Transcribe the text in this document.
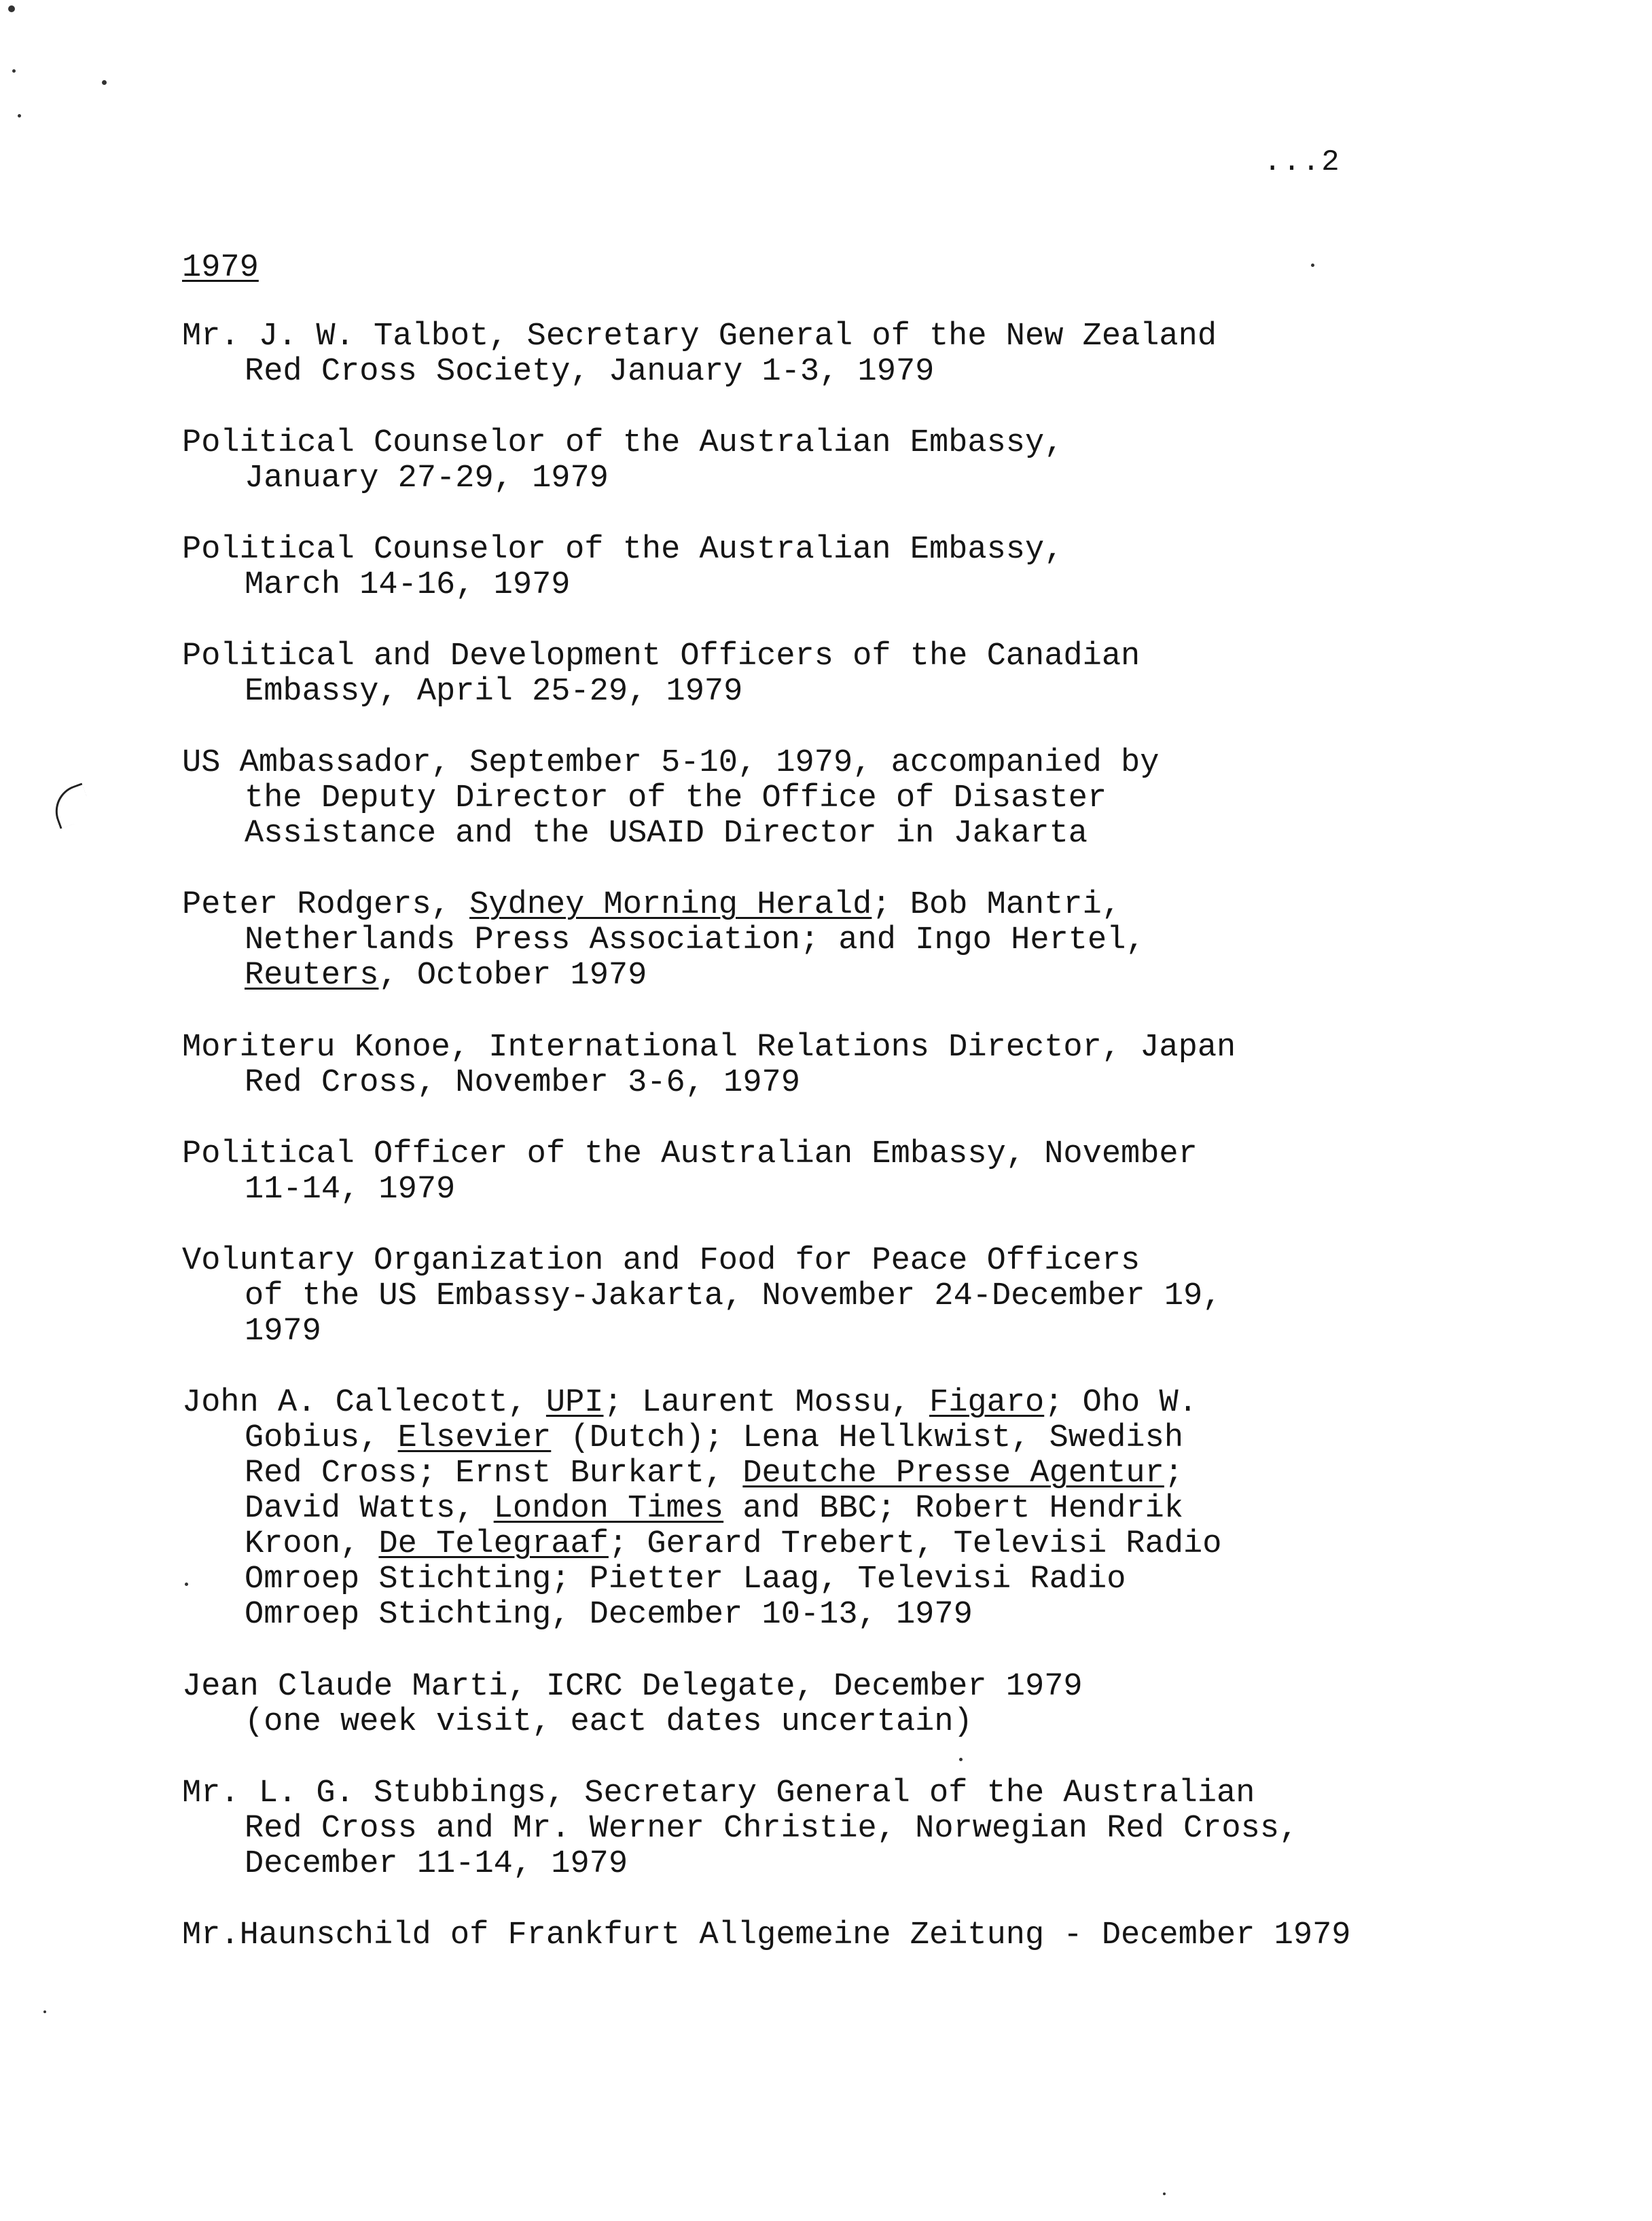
...2
1979
Mr. J. W. Talbot, Secretary General of the New Zealand
Red Cross Society, January 1-3, 1979
Political Counselor of the Australian Embassy,
January 27-29, 1979
Political Counselor of the Australian Embassy,
March 14-16, 1979
Political and Development Officers of the Canadian
Embassy, April 25-29, 1979
US Ambassador, September 5-10, 1979, accompanied by
the Deputy Director of the Office of Disaster
Assistance and the USAID Director in Jakarta
Peter Rodgers, Sydney Morning Herald; Bob Mantri,
Netherlands Press Association; and Ingo Hertel,
Reuters, October 1979
Moriteru Konoe, International Relations Director, Japan
Red Cross, November 3-6, 1979
Political Officer of the Australian Embassy, November
11-14, 1979
Voluntary Organization and Food for Peace Officers
of the US Embassy-Jakarta, November 24-December 19,
1979
John A. Callecott, UPI; Laurent Mossu, Figaro; Oho W.
Gobius, Elsevier (Dutch); Lena Hellkwist, Swedish
Red Cross; Ernst Burkart, Deutche Presse Agentur;
David Watts, London Times and BBC; Robert Hendrik
Kroon, De Telegraaf; Gerard Trebert, Televisi Radio
Omroep Stichting; Pietter Laag, Televisi Radio
Omroep Stichting, December 10-13, 1979
Jean Claude Marti, ICRC Delegate, December 1979
(one week visit, eact dates uncertain)
Mr. L. G. Stubbings, Secretary General of the Australian
Red Cross and Mr. Werner Christie, Norwegian Red Cross,
December 11-14, 1979
Mr.Haunschild of Frankfurt Allgemeine Zeitung - December 1979
